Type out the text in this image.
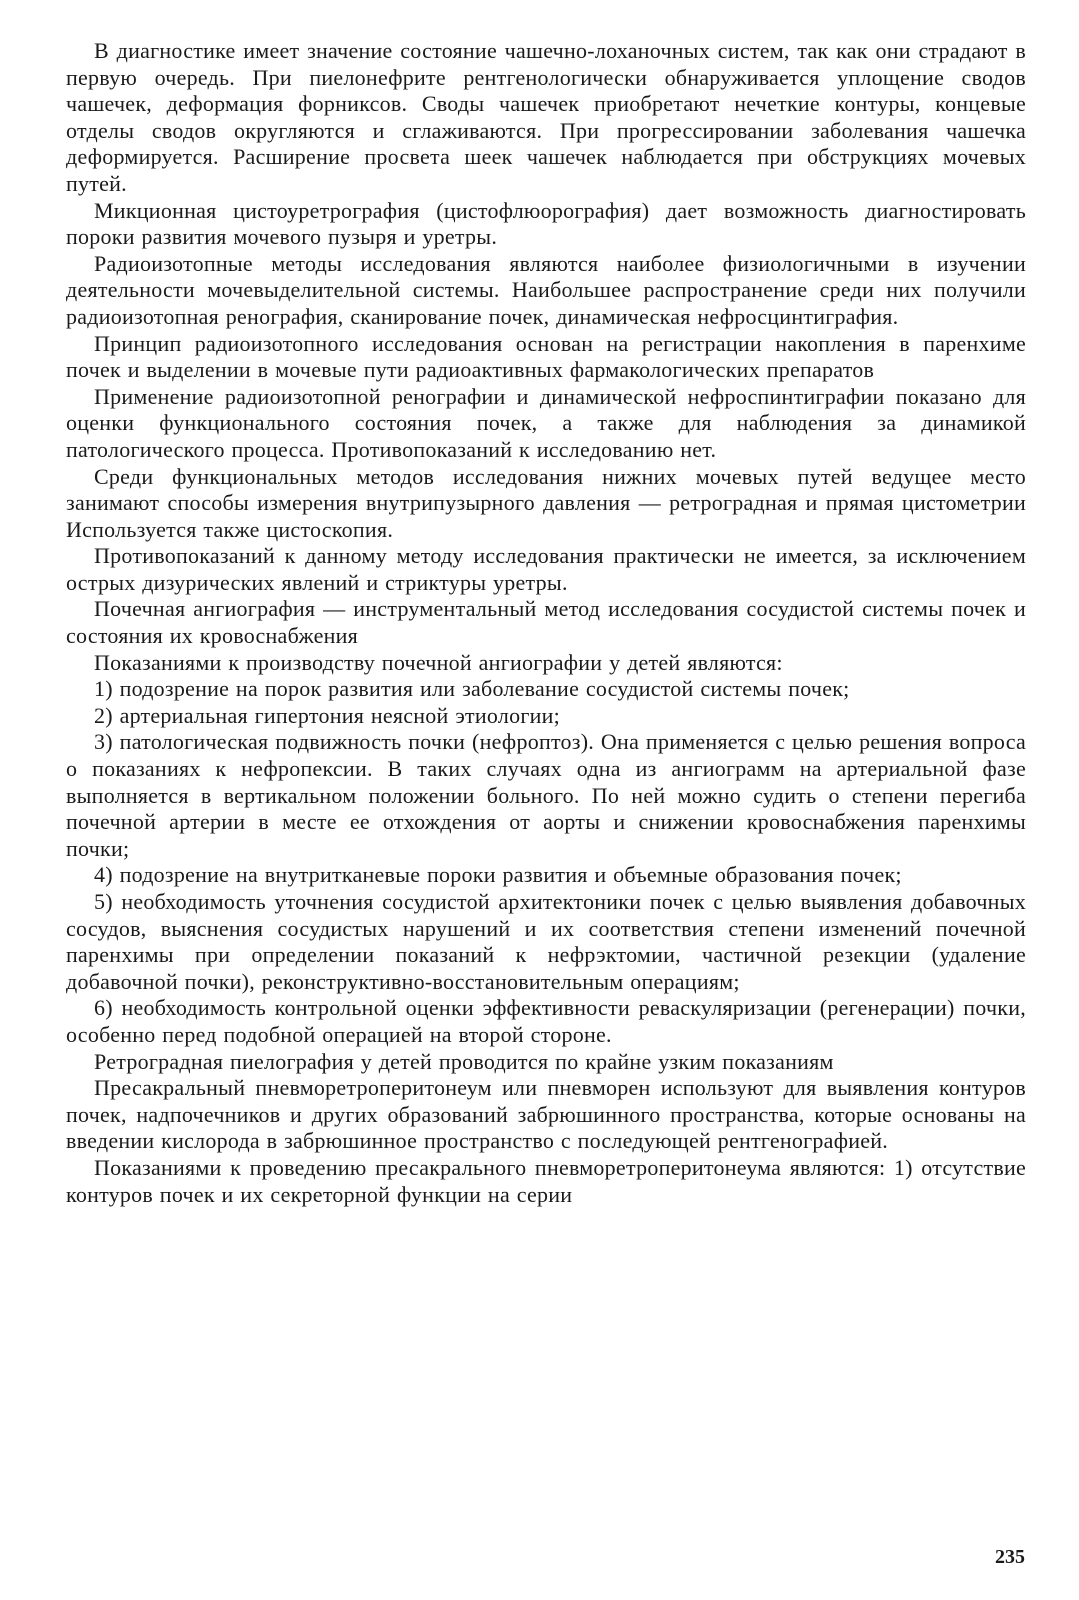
В диагностике имеет значение состояние чашечно-лоханочных систем, так как они страдают в первую очередь. При пиелонефрите рентгенологически обнаруживается уплощение сводов чашечек, деформация форниксов. Своды чашечек приобретают нечеткие контуры, концевые отделы сводов округляются и сглаживаются. При прогрессировании заболевания чашечка деформируется. Расширение просвета шеек чашечек наблюдается при обструкциях мочевых путей.

Микционная цистоуретрография (цистофлюорография) дает возможность диагностировать пороки развития мочевого пузыря и уретры.

Радиоизотопные методы исследования являются наиболее физиологичными в изучении деятельности мочевыделительной системы. Наибольшее распространение среди них получили радиоизотопная ренография, сканирование почек, динамическая нефросцинтиграфия.

Принцип радиоизотопного исследования основан на регистрации накопления в паренхиме почек и выделении в мочевые пути радиоактивных фармакологических препаратов

Применение радиоизотопной ренографии и динамической нефроспинтиграфии показано для оценки функционального состояния почек, а также для наблюдения за динамикой патологического процесса. Противопоказаний к исследованию нет.

Среди функциональных методов исследования нижних мочевых путей ведущее место занимают способы измерения внутрипузырного давления — ретроградная и прямая цистометрии Используется также цистоскопия.

Противопоказаний к данному методу исследования практически не имеется, за исключением острых дизурических явлений и стриктуры уретры.

Почечная ангиография — инструментальный метод исследования сосудистой системы почек и состояния их кровоснабжения

Показаниями к производству почечной ангиографии у детей являются:

1) подозрение на порок развития или заболевание сосудистой системы почек;

2) артериальная гипертония неясной этиологии;

3) патологическая подвижность почки (нефроптоз). Она применяется с целью решения вопроса о показаниях к нефропексии. В таких случаях одна из ангиограмм на артериальной фазе выполняется в вертикальном положении больного. По ней можно судить о степени перегиба почечной артерии в месте ее отхождения от аорты и снижении кровоснабжения паренхимы почки;

4) подозрение на внутритканевые пороки развития и объемные образования почек;

5) необходимость уточнения сосудистой архитектоники почек с целью выявления добавочных сосудов, выяснения сосудистых нарушений и их соответствия степени изменений почечной паренхимы при определении показаний к нефрэктомии, частичной резекции (удаление добавочной почки), реконструктивно-восстановительным операциям;

6) необходимость контрольной оценки эффективности реваскуляризации (регенерации) почки, особенно перед подобной операцией на второй стороне.

Ретроградная пиелография у детей проводится по крайне узким показаниям

Пресакральный пневморетроперитонеум или пневморен используют для выявления контуров почек, надпочечников и других образований забрюшинного пространства, которые основаны на введении кислорода в забрюшинное пространство с последующей рентгенографией.

Показаниями к проведению пресакрального пневморетроперитонеума являются: 1) отсутствие контуров почек и их секреторной функции на серии

235
